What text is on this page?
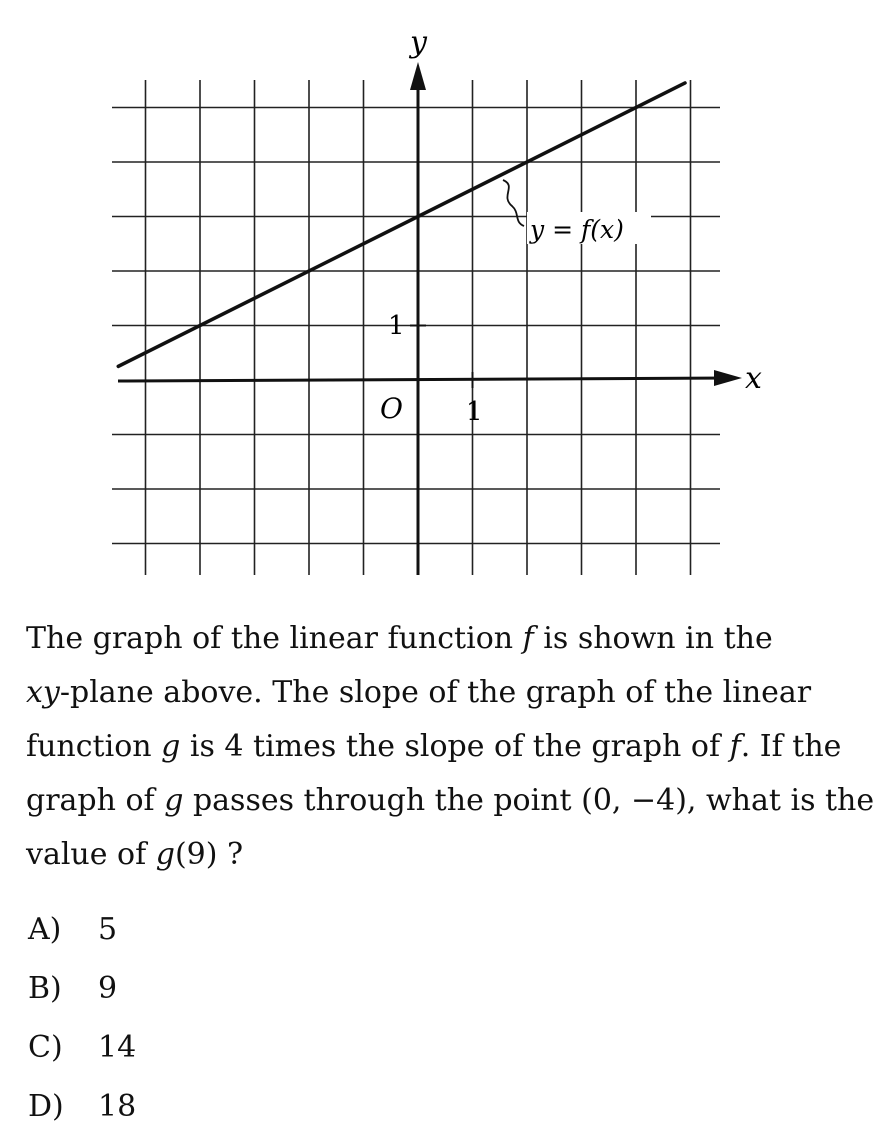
y
x
O 1
1
y = f(x)
The graph of the linear function f is shown in the
xy-plane above. The slope of the graph of the linear function g is 4 times the slope of the graph of f. If the graph of g passes through the point (0, −4), what is the value of g(9) ?
A)	5
B)	9
C)	14
D)	18
